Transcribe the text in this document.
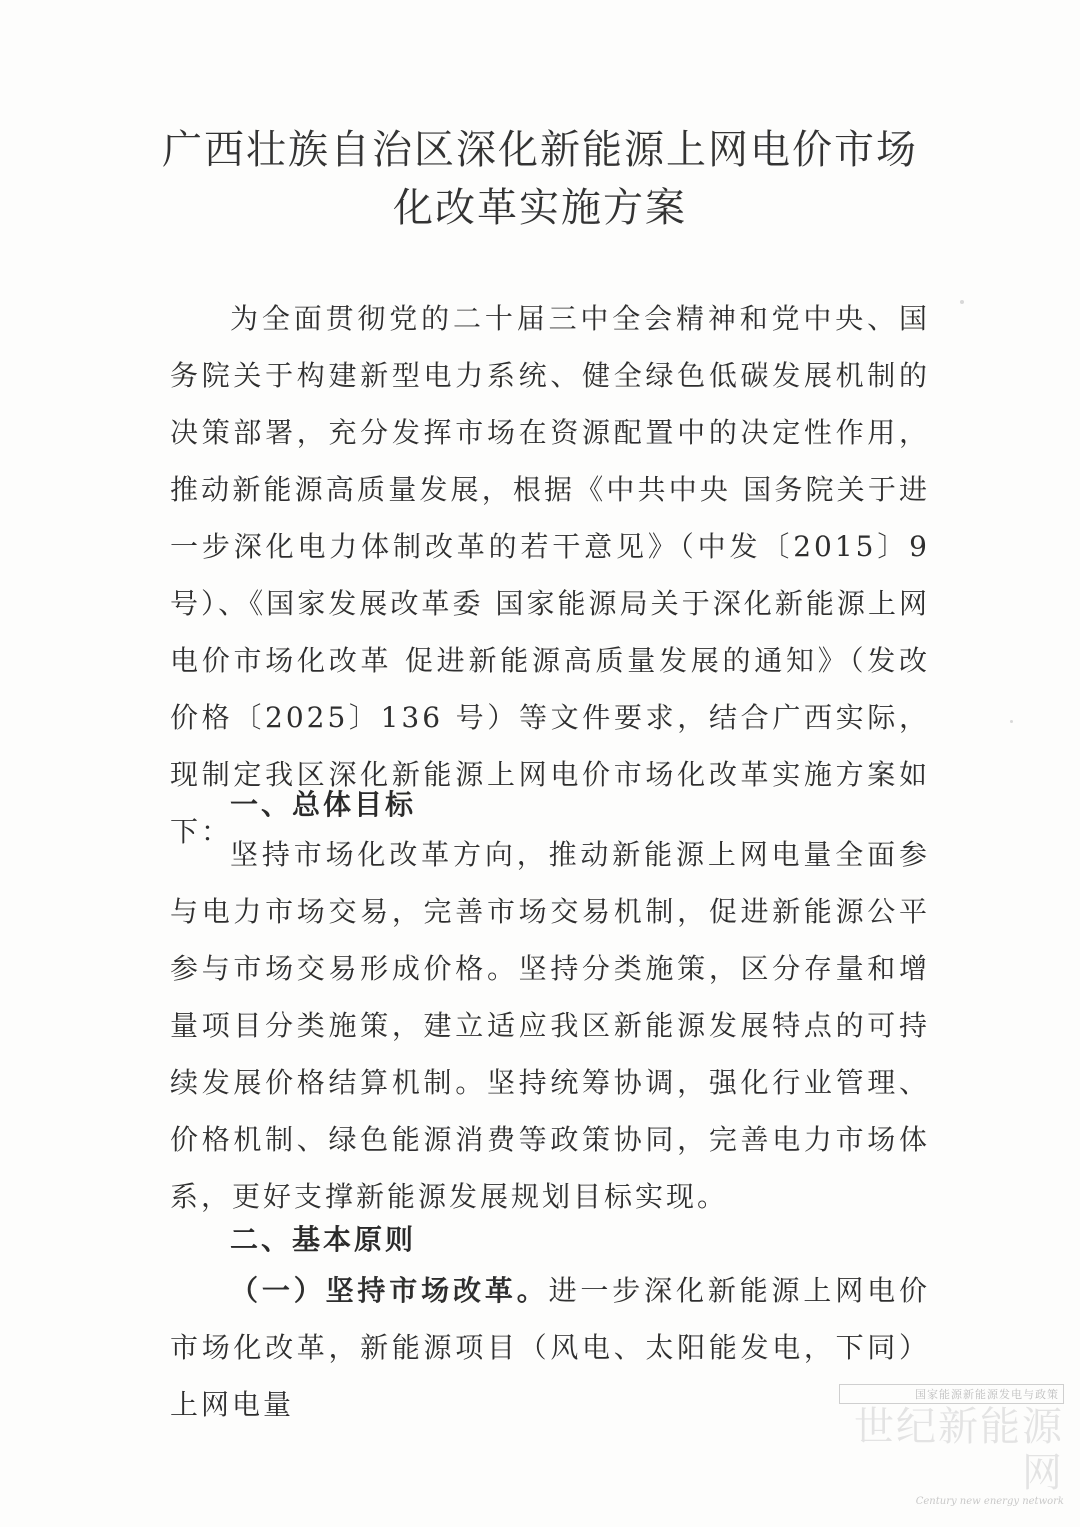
广西壮族自治区深化新能源上网电价市场
化改革实施方案
为全面贯彻党的二十届三中全会精神和党中央、国务院关于构建新型电力系统、健全绿色低碳发展机制的决策部署，充分发挥市场在资源配置中的决定性作用，推动新能源高质量发展，根据《中共中央 国务院关于进一步深化电力体制改革的若干意见》（中发〔2015〕9 号）、《国家发展改革委 国家能源局关于深化新能源上网电价市场化改革 促进新能源高质量发展的通知》（发改价格〔2025〕136 号）等文件要求，结合广西实际，现制定我区深化新能源上网电价市场化改革实施方案如下：
一、总体目标
坚持市场化改革方向，推动新能源上网电量全面参与电力市场交易，完善市场交易机制，促进新能源公平参与市场交易形成价格。坚持分类施策，区分存量和增量项目分类施策，建立适应我区新能源发展特点的可持续发展价格结算机制。坚持统筹协调，强化行业管理、价格机制、绿色能源消费等政策协同，完善电力市场体系，更好支撑新能源发展规划目标实现。
二、基本原则
（一）坚持市场改革。进一步深化新能源上网电价市场化改革，新能源项目（风电、太阳能发电，下同）上网电量	国家能源新能源发电与政策
世纪新能源网
Century new energy network
